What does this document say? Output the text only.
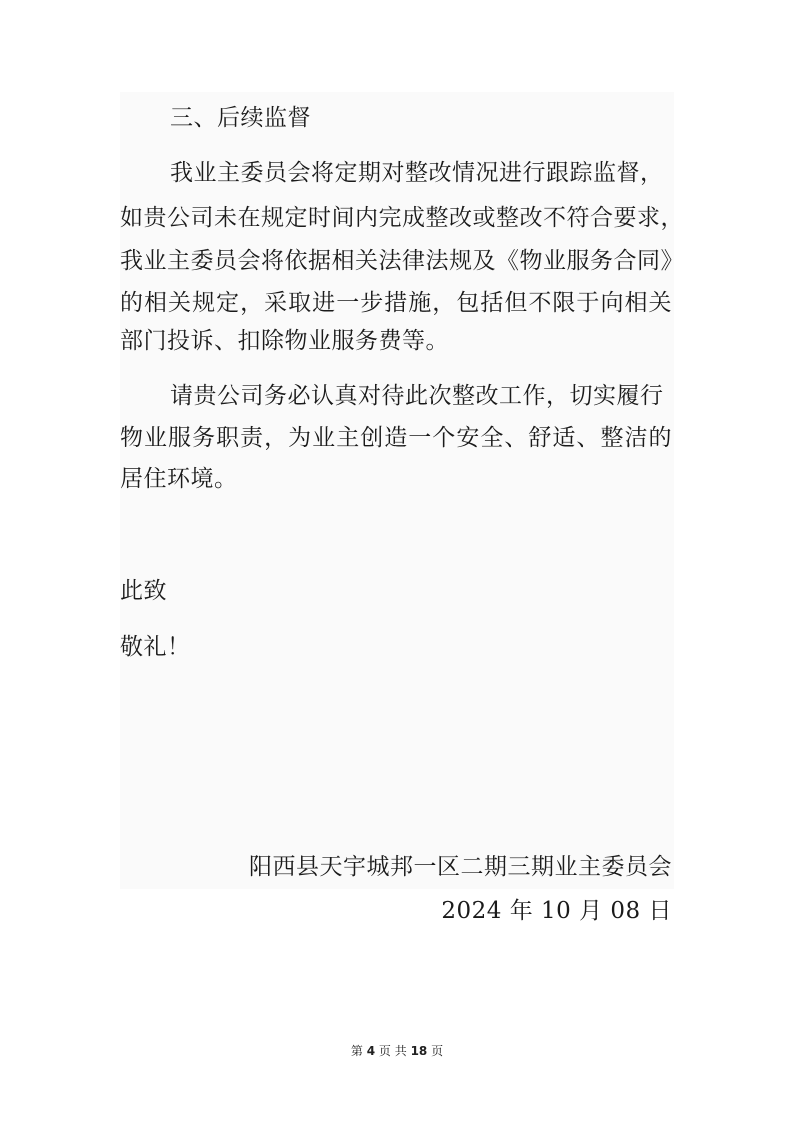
三、后续监督
我业主委员会将定期对整改情况进行跟踪监督，
如贵公司未在规定时间内完成整改或整改不符合要求，
我业主委员会将依据相关法律法规及《物业服务合同》
的相关规定，采取进一步措施，包括但不限于向相关
部门投诉、扣除物业服务费等。
请贵公司务必认真对待此次整改工作，切实履行
物业服务职责，为业主创造一个安全、舒适、整洁的
居住环境。
此致
敬礼！
阳西县天宇城邦一区二期三期业主委员会
2024 年 10 月 08 日
第 4 页 共 18 页
